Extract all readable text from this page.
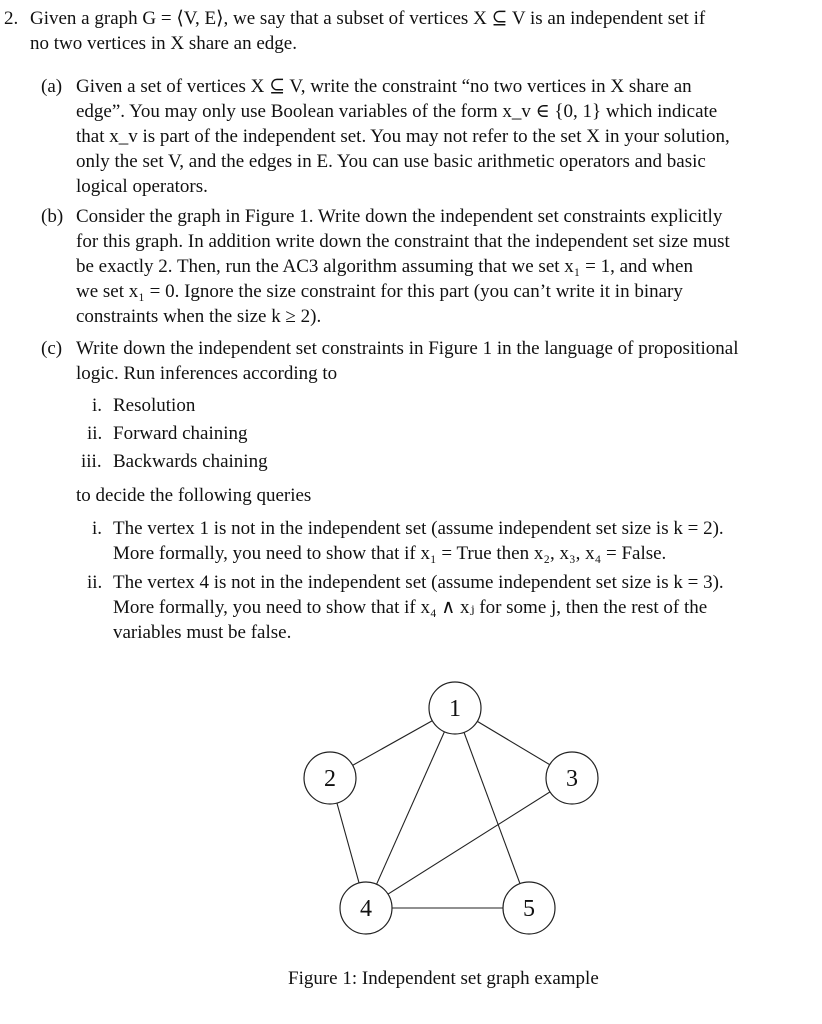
2. Given a graph G = ⟨V, E⟩, we say that a subset of vertices X ⊆ V is an independent set if
no two vertices in X share an edge.
(a) Given a set of vertices X ⊆ V, write the constraint “no two vertices in X share an
edge”. You may only use Boolean variables of the form x_v ∈ {0, 1} which indicate
that x_v is part of the independent set. You may not refer to the set X in your solution,
only the set V, and the edges in E. You can use basic arithmetic operators and basic
logical operators.
(b) Consider the graph in Figure 1. Write down the independent set constraints explicitly
for this graph. In addition write down the constraint that the independent set size must
be exactly 2. Then, run the AC3 algorithm assuming that we set x₁ = 1, and when
we set x₁ = 0. Ignore the size constraint for this part (you can’t write it in binary
constraints when the size k ≥ 2).
(c) Write down the independent set constraints in Figure 1 in the language of propositional
logic. Run inferences according to
i. Resolution
ii. Forward chaining
iii. Backwards chaining
to decide the following queries
i. The vertex 1 is not in the independent set (assume independent set size is k = 2).
More formally, you need to show that if x₁ = True then x₂, x₃, x₄ = False.
ii. The vertex 4 is not in the independent set (assume independent set size is k = 3).
More formally, you need to show that if x₄ ∧ xⱼ for some j, then the rest of the
variables must be false.
1
2	3
4	5
Figure 1: Independent set graph example
